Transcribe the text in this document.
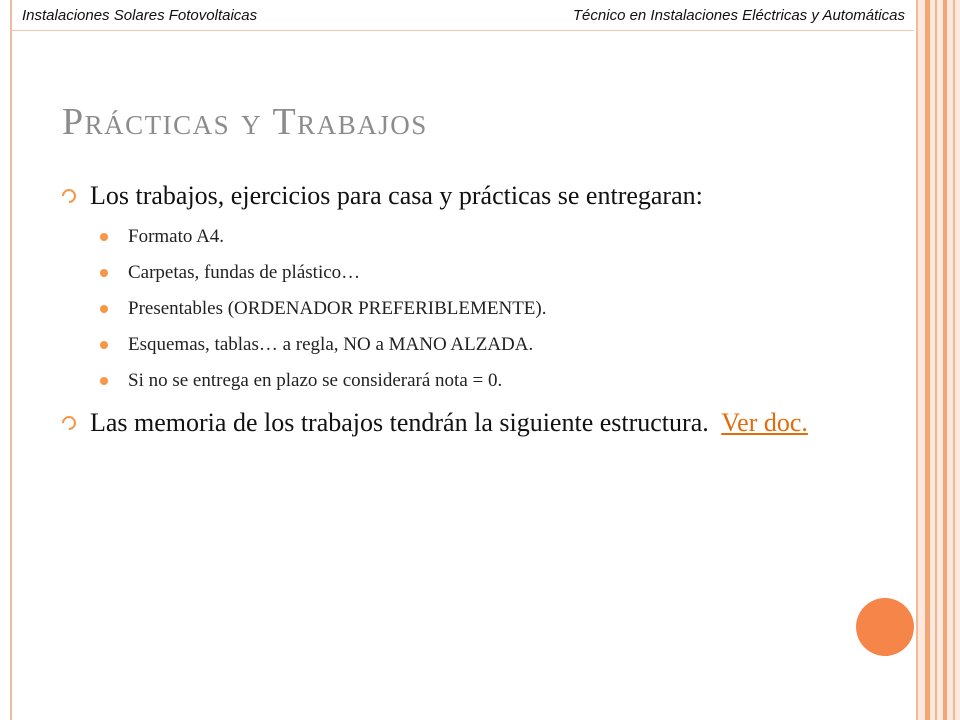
Instalaciones Solares Fotovoltaicas	Técnico en Instalaciones Eléctricas y Automáticas
Prácticas y Trabajos
Los trabajos, ejercicios para casa y prácticas se entregaran:
Formato A4.
Carpetas, fundas de plástico…
Presentables (ORDENADOR PREFERIBLEMENTE).
Esquemas, tablas… a regla, NO a MANO ALZADA.
Si no se entrega en plazo se considerará nota = 0.
Las memoria de los trabajos tendrán la siguiente estructura. Ver doc.
